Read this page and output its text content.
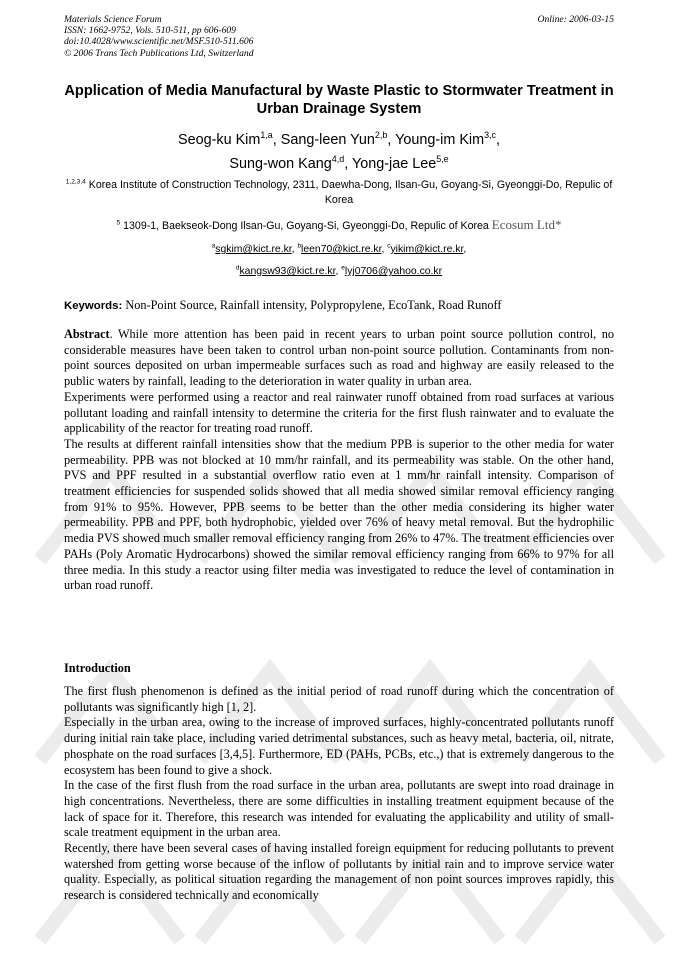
Materials Science Forum
ISSN: 1662-9752, Vols. 510-511, pp 606-609
doi:10.4028/www.scientific.net/MSF.510-511.606
© 2006 Trans Tech Publications Ltd, Switzerland
Online: 2006-03-15
Application of Media Manufactural by Waste Plastic to Stormwater Treatment in Urban Drainage System
Seog-ku Kim$^{1,a}$, Sang-leen Yun$^{2,b}$, Young-im Kim$^{3,c}$,
Sung-won Kang$^{4,d}$, Yong-jae Lee$^{5,e}$
$^{1,2,3,4}$ Korea Institute of Construction Technology, 2311, Daewha-Dong, Ilsan-Gu, Goyang-Si, Gyeonggi-Do, Repulic of Korea
$^5$ 1309-1, Baekseok-Dong Ilsan-Gu, Goyang-Si, Gyeonggi-Do, Repulic of Korea Ecosum Ltd*
$^a$sgkim@kict.re.kr, $^b$leen70@kict.re.kr, $^c$yikim@kict.re.kr,
$^d$kangsw93@kict.re.kr, $^e$lyj0706@yahoo.co.kr
Keywords: Non-Point Source, Rainfall intensity, Polypropylene, EcoTank, Road Runoff

Abstract. While more attention has been paid in recent years to urban point source pollution control, no considerable measures have been taken to control urban non-point source pollution. Contaminants from non-point sources deposited on urban impermeable surfaces such as road and highway are easily released to the public waters by rainfall, leading to the deterioration in water quality in urban area.

Experiments were performed using a reactor and real rainwater runoff obtained from road surfaces at various pollutant loading and rainfall intensity to determine the criteria for the first flush rainwater and to evaluate the applicability of the reactor for treating road runoff.

The results at different rainfall intensities show that the medium PPB is superior to the other media for water permeability. PPB was not blocked at 10 mm/hr rainfall, and its permeability was stable. On the other hand, PVS and PPF resulted in a substantial overflow ratio even at 1 mm/hr rainfall intensity. Comparison of treatment efficiencies for suspended solids showed that all media showed similar removal efficiency ranging from 91% to 95%. However, PPB seems to be better than the other media considering its higher water permeability. PPB and PPF, both hydrophobic, yielded over 76% of heavy metal removal. But the hydrophilic media PVS showed much smaller removal efficiency ranging from 26% to 47%. The treatment efficiencies over PAHs (Poly Aromatic Hydrocarbons) showed the similar removal efficiency ranging from 66% to 97% for all three media. In this study a reactor using filter media was investigated to reduce the level of contamination in urban road runoff.

Introduction

The first flush phenomenon is defined as the initial period of road runoff during which the concentration of pollutants was significantly high [1, 2].

Especially in the urban area, owing to the increase of improved surfaces, highly-concentrated pollutants runoff during initial rain take place, including varied detrimental substances, such as heavy metal, bacteria, oil, nitrate, phosphate on the road surfaces [3,4,5]. Furthermore, ED (PAHs, PCBs, etc.,) that is extremely dangerous to the ecosystem has been found to give a shock.

In the case of the first flush from the road surface in the urban area, pollutants are swept into road drainage in high concentrations. Nevertheless, there are some difficulties in installing treatment equipment because of the lack of space for it. Therefore, this research was intended for evaluating the applicability and utility of small-scale treatment equipment in the urban area.

Recently, there have been several cases of having installed foreign equipment for reducing pollutants to prevent watershed from getting worse because of the inflow of pollutants by initial rain and to improve service water quality. Especially, as political situation regarding the management of non point sources improves rapidly, this research is considered technically and economically
